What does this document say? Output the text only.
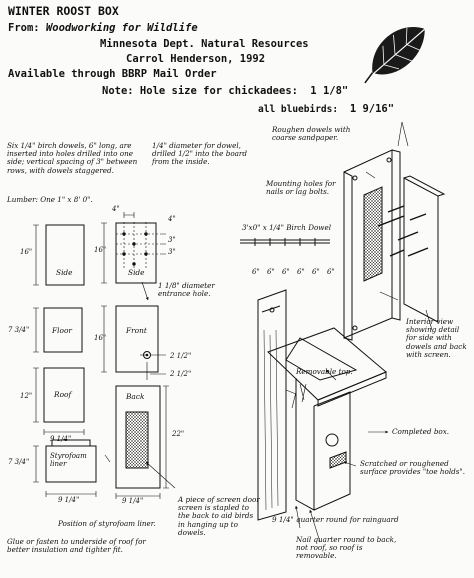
WINTER ROOST BOX
From: Woodworking for Wildlife
Minnesota Dept. Natural Resources
Carrol Henderson, 1992
Available through BBRP Mail Order
Note: Hole size for chickadees: 1 1/8"
all bluebirds: 1 9/16"
Six 1/4" birch dowels, 6" long, are inserted into holes drilled into one side; vertical spacing of 3" between rows, with dowels staggered.
1/4" diameter for dowel, drilled 1/2" into the board from the inside.
Lumber: One 1" x 8' 0".
Roughen dowels with coarse sandpaper.
Mounting holes for nails or lag bolts.
3'x0" x 1/4" Birch Dowel
1 1/8" diameter entrance hole.
Interior view showing detail for side with dowels and back with screen.
Removable top.
Completed box.
Scratched or roughened surface provides "toe holds".
A piece of screen door screen is stapled to the back to aid birds in hanging up to dowels.
Position of styrofoam liner.
Glue or fasten to underside of roof for better insulation and tighter fit.
9 1/4" quarter round for rainguard
Nail quarter round to back, not roof, so roof is removable.
Side	Side
Floor	Front
Roof	Back
Styrofoam liner
4"
4"
3"
3"
16"	16"
7 3/4"
16"
2 1/2"
2 1/2"
12"
22"
9 1/4"
9 1/4"
9 1/4"
7 3/4"
6" 6" 6" 6" 6" 6"
